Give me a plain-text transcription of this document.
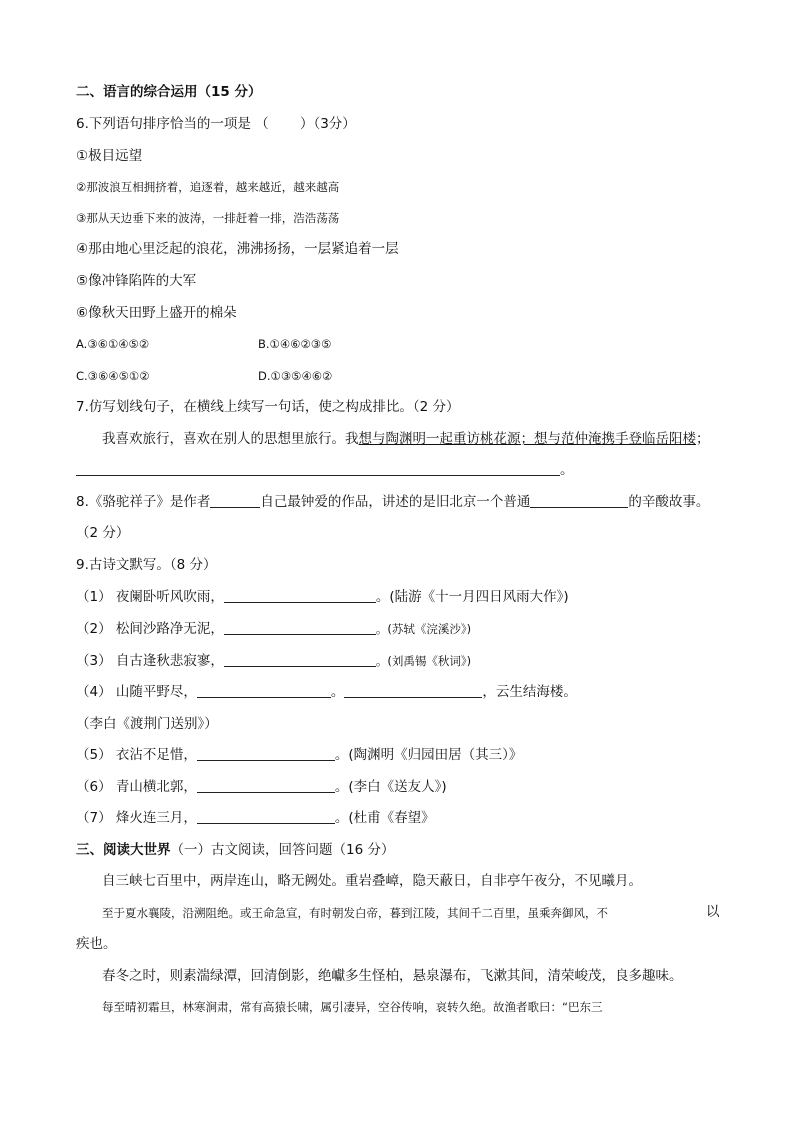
二、语言的综合运用（15 分）
6.下列语句排序恰当的一项是 （　　 ）（3分）
①极目远望
②那波浪互相拥挤着，追逐着，越来越近，越来越高
③那从天边垂下来的波涛，一排赶着一排，浩浩荡荡
④那由地心里泛起的浪花，沸沸扬扬，一层紧追着一层
⑤像冲锋陷阵的大军
⑥像秋天田野上盛开的棉朵
A.③⑥①④⑤②	B.①④⑥②③⑤
C.③⑥④⑤①②	D.①③⑤④⑥②
7.仿写划线句子，在横线上续写一句话，使之构成排比。（2 分）
我喜欢旅行，喜欢在别人的思想里旅行。我想与陶渊明一起重访桃花源；想与范仲淹携手登临岳阳楼；
。
8.《骆驼祥子》是作者	自己最钟爱的作品，讲述的是旧北京一个普通	的辛酸故事。
（2 分）
9.古诗文默写。（8 分）
（1） 夜阑卧听风吹雨，	。(陆游《十一月四日风雨大作》)
（2） 松间沙路净无泥，	。(苏轼《浣溪沙》)
（3） 自古逢秋悲寂寥，	。(刘禹锡《秋词》)
（4） 山随平野尽，	。	，云生结海楼。
（李白《渡荆门送别》）
（5） 衣沾不足惜，	。(陶渊明《归园田居（其三）》
（6） 青山横北郭，	。(李白《送友人》)
（7） 烽火连三月，	。(杜甫《春望》
三、阅读大世界（一）古文阅读，回答问题（16 分）
自三峡七百里中，两岸连山，略无阙处。重岩叠嶂，隐天蔽日，自非亭午夜分，不见曦月。
至于夏水襄陵，沿溯阻绝。或王命急宣，有时朝发白帝，暮到江陵，其间千二百里，虽乘奔御风，不	以
疾也。
春冬之时，则素湍绿潭，回清倒影，绝巘多生怪柏，悬泉瀑布，飞漱其间，清荣峻茂，良多趣味。
每至晴初霜旦，林寒涧肃，常有高猿长啸，属引凄异，空谷传响，哀转久绝。故渔者歌曰：“巴东三
